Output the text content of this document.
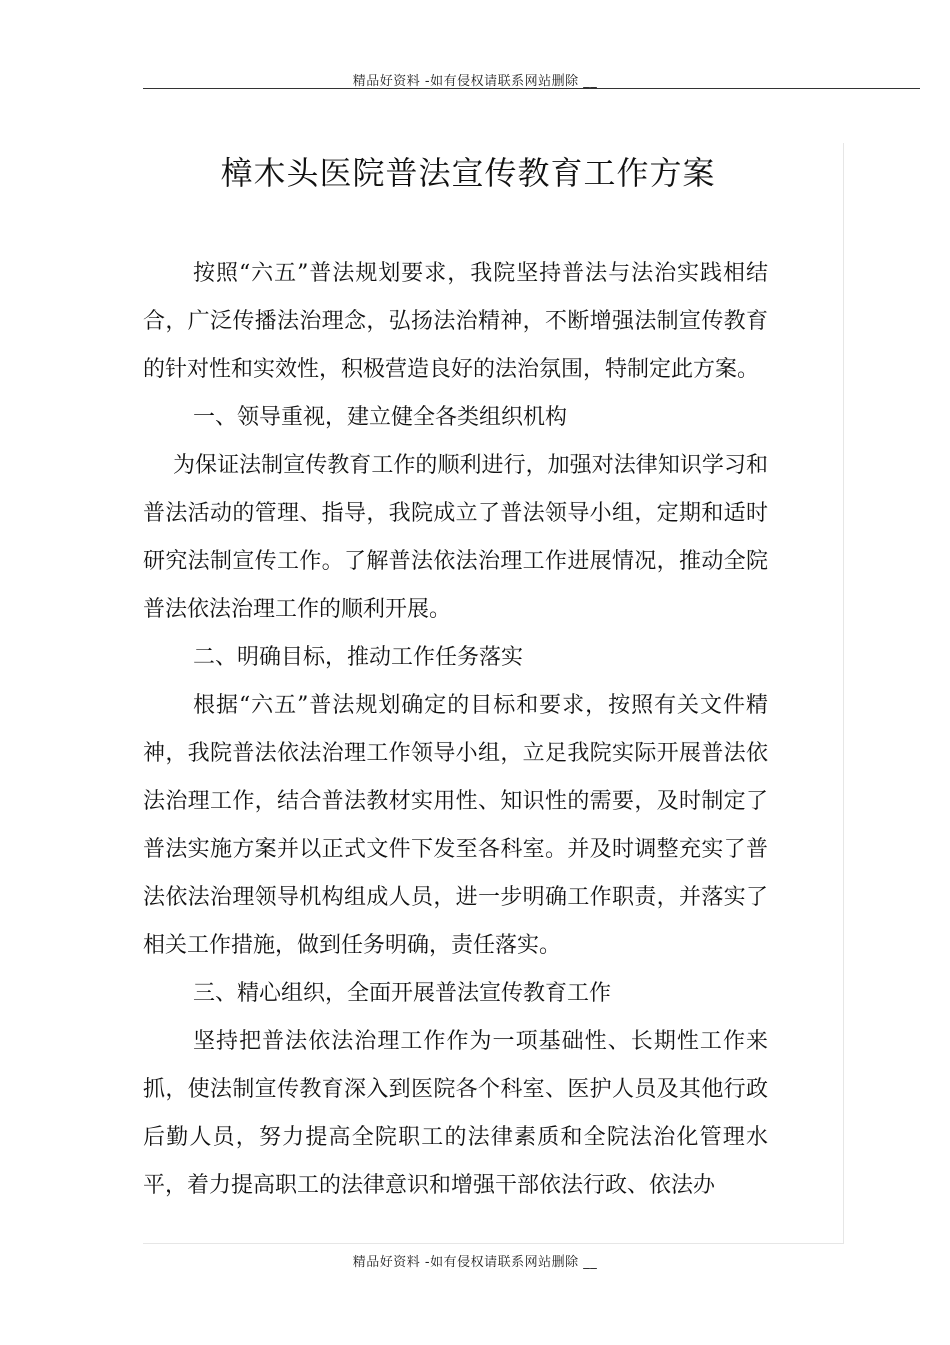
精品好资料 -如有侵权请联系网站删除 __
樟木头医院普法宣传教育工作方案

按照“六五”普法规划要求，我院坚持普法与法治实践相结合，广泛传播法治理念，弘扬法治精神，不断增强法制宣传教育的针对性和实效性，积极营造良好的法治氛围，特制定此方案。

一、领导重视，建立健全各类组织机构

为保证法制宣传教育工作的顺利进行，加强对法律知识学习和普法活动的管理、指导，我院成立了普法领导小组，定期和适时研究法制宣传工作。了解普法依法治理工作进展情况，推动全院普法依法治理工作的顺利开展。

二、明确目标，推动工作任务落实

根据“六五”普法规划确定的目标和要求，按照有关文件精神，我院普法依法治理工作领导小组，立足我院实际开展普法依法治理工作，结合普法教材实用性、知识性的需要，及时制定了普法实施方案并以正式文件下发至各科室。并及时调整充实了普法依法治理领导机构组成人员，进一步明确工作职责，并落实了相关工作措施，做到任务明确，责任落实。

三、精心组织，全面开展普法宣传教育工作

坚持把普法依法治理工作作为一项基础性、长期性工作来抓，使法制宣传教育深入到医院各个科室、医护人员及其他行政后勤人员，努力提高全院职工的法律素质和全院法治化管理水平，着力提高职工的法律意识和增强干部依法行政、依法办

精品好资料 -如有侵权请联系网站删除 __
